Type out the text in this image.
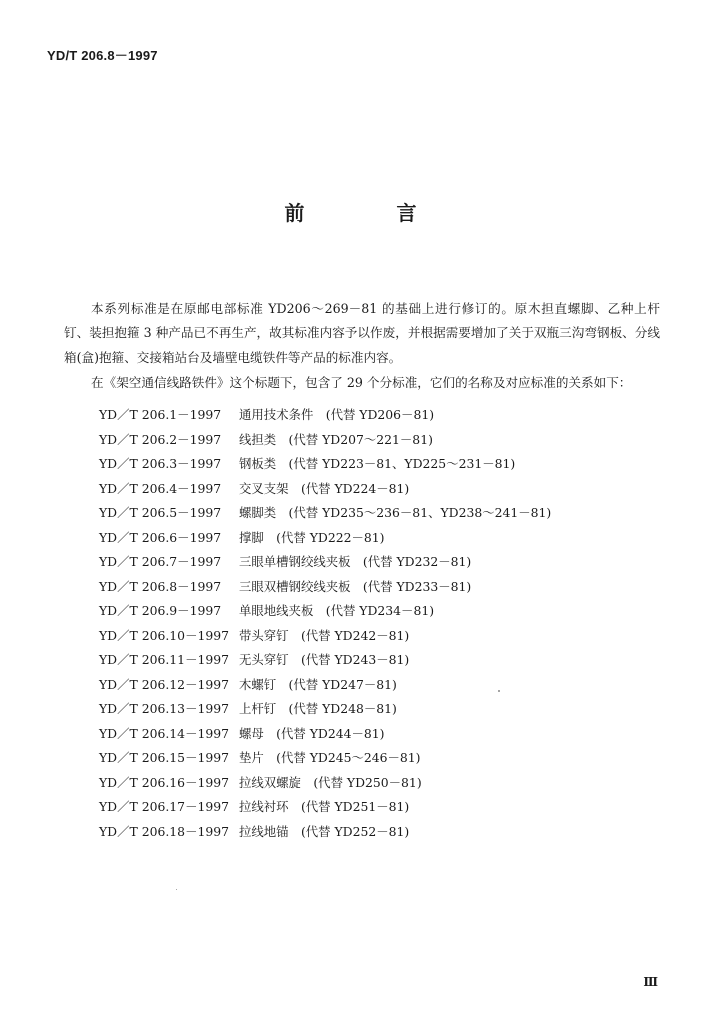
YD/T 206.8－1997
前	言

本系列标准是在原邮电部标准 YD206～269－81 的基础上进行修订的。原木担直螺脚、乙种上杆钉、装担抱箍 3 种产品已不再生产，故其标准内容予以作废，并根据需要增加了关于双瓶三沟弯钢板、分线箱(盒)抱箍、交接箱站台及墙壁电缆铁件等产品的标准内容。

在《架空通信线路铁件》这个标题下，包含了 29 个分标准，它们的名称及对应标准的关系如下：

YD／T 206.1－1997 通用技术条件　(代替 YD206－81)
YD／T 206.2－1997 线担类　(代替 YD207～221－81)
YD／T 206.3－1997 钢板类　(代替 YD223－81、YD225～231－81)
YD／T 206.4－1997 交叉支架　(代替 YD224－81)
YD／T 206.5－1997 螺脚类　(代替 YD235～236－81、YD238～241－81)
YD／T 206.6－1997 撑脚　(代替 YD222－81)
YD／T 206.7－1997 三眼单槽钢绞线夹板　(代替 YD232－81)
YD／T 206.8－1997 三眼双槽钢绞线夹板　(代替 YD233－81)
YD／T 206.9－1997 单眼地线夹板　(代替 YD234－81)
YD／T 206.10－1997 带头穿钉　(代替 YD242－81)
YD／T 206.11－1997 无头穿钉　(代替 YD243－81)
YD／T 206.12－1997 木螺钉　(代替 YD247－81)
YD／T 206.13－1997 上杆钉　(代替 YD248－81)
YD／T 206.14－1997 螺母　(代替 YD244－81)
YD／T 206.15－1997 垫片　(代替 YD245～246－81)
YD／T 206.16－1997 拉线双螺旋　(代替 YD250－81)
YD／T 206.17－1997 拉线衬环　(代替 YD251－81)
YD／T 206.18－1997 拉线地锚　(代替 YD252－81)
Ⅲ
